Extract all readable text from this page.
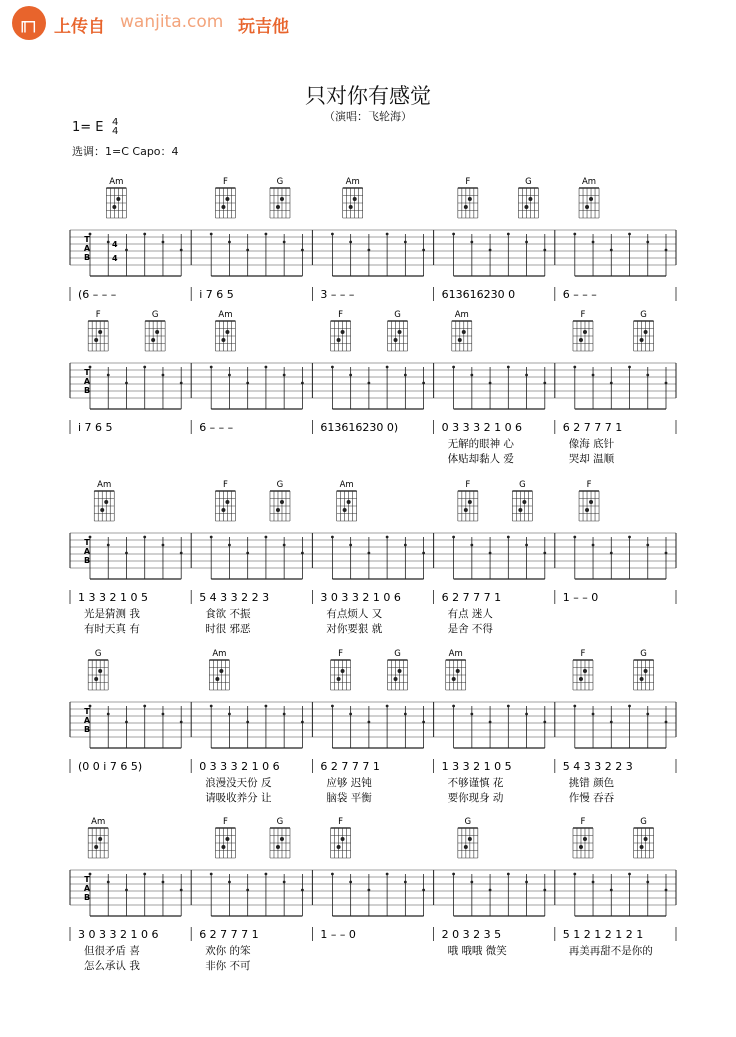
╓┐ 上传自 wanjita.com 玩吉他
只对你有感觉
（演唱：飞轮海）
1= E 4
4
选调：1=C Capo：4
Am	F	G	Am	F	G	Am
T
A
B
4
4
(6 – – –	i 7 6 5	3 – – –	613616230 0	6 – – –
F	G	Am	F	G	Am	F	G
T
A
B
i 7 6 5	6 – – –	613616230 0)	0 3 3 3 2 1 0 6	6 2 7 7 7 1
无解的眼神 心	像海 底针
体贴却黏人 爱	哭却 温顺
Am	F	G	Am	F	G	F
T
A
B
1 3 3 2 1 0 5	5 4 3 3 2 2 3	3 0 3 3 2 1 0 6	6 2 7 7 7 1	1 – – 0
光是猜测 我	食欲 不振	有点烦人 又	有点 迷人
有时天真 有	时很 邪恶	对你要狠 就	是舍 不得
G	Am	F	G	Am	F	G
T
A
B
(0 0 i 7 6 5)	0 3 3 3 2 1 0 6	6 2 7 7 7 1	1 3 3 2 1 0 5	5 4 3 3 2 2 3
浪漫没天份 反	应够 迟钝	不够谨慎 花	挑错 颜色
请吸收养分 让	脑袋 平衡	要你现身 动	作慢 吞吞
Am	F	G	F	G	F	G
T
A
B
3 0 3 3 2 1 0 6	6 2 7 7 7 1	1 – – 0	2 0 3 2 3 5	5 1 2 1 2 1 2 1
但很矛盾 喜	欢你 的笨	哦 哦哦 微笑	再美再甜不是你的
怎么承认 我	非你 不可
